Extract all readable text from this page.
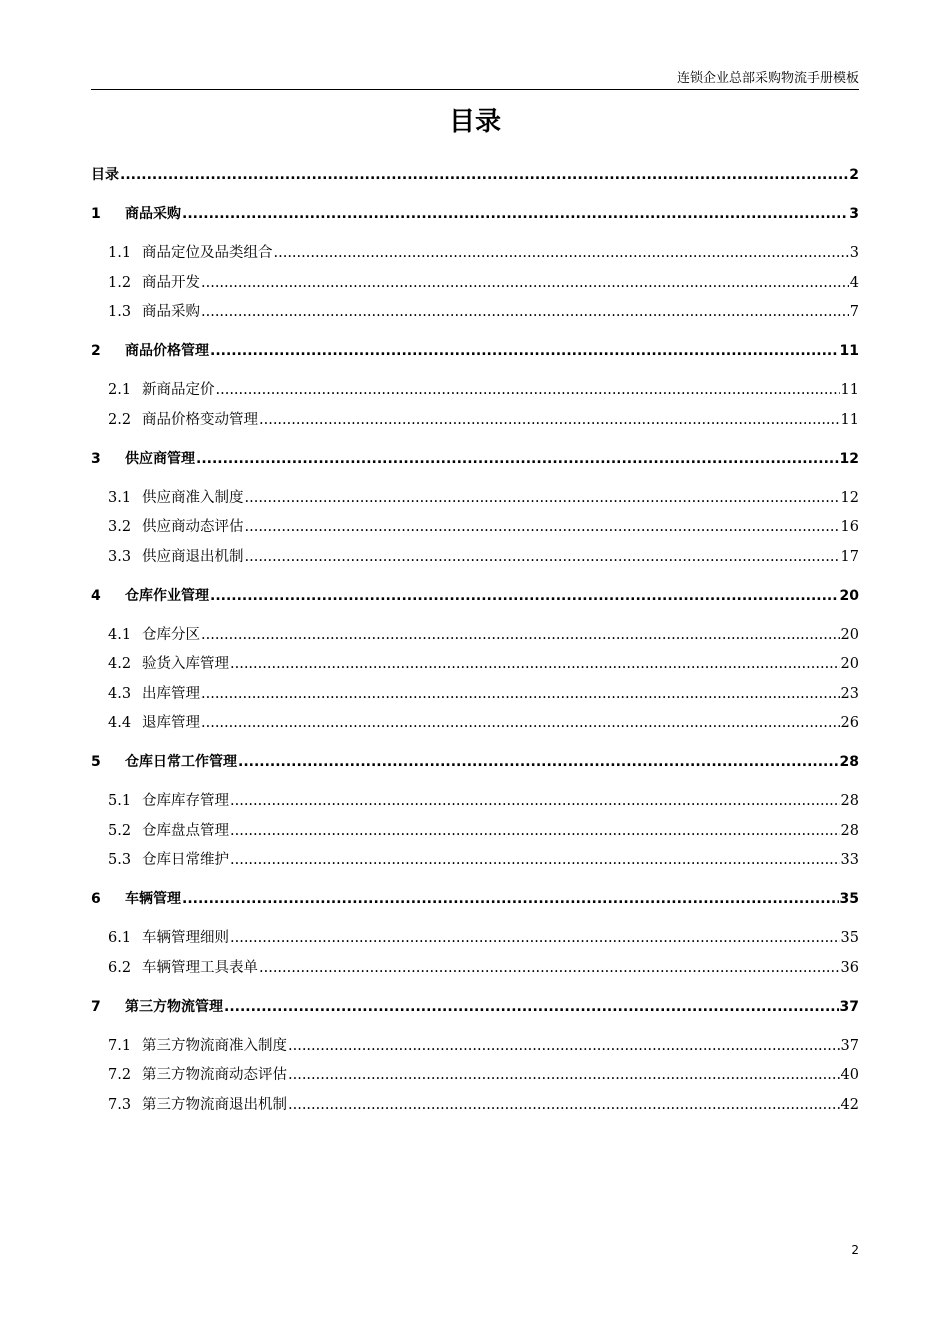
连锁企业总部采购物流手册模板
目录
目录 .....	2
1	商品采购 .....	3
1.1 商品定位及品类组合 .....	3
1.2 商品开发 .....	4
1.3 商品采购 .....	7
2	商品价格管理 .....	11
2.1 新商品定价 .....	11
2.2 商品价格变动管理 .....	11
3	供应商管理 .....	12
3.1 供应商准入制度 .....	12
3.2 供应商动态评估 .....	16
3.3 供应商退出机制 .....	17
4	仓库作业管理 .....	20
4.1 仓库分区 .....	20
4.2 验货入库管理 .....	20
4.3 出库管理 .....	23
4.4 退库管理 .....	26
5	仓库日常工作管理 .....	28
5.1 仓库库存管理 .....	28
5.2 仓库盘点管理 .....	28
5.3 仓库日常维护 .....	33
6	车辆管理 .....	35
6.1 车辆管理细则 .....	35
6.2 车辆管理工具表单 .....	36
7	第三方物流管理 .....	37
7.1 第三方物流商准入制度 .....	37
7.2 第三方物流商动态评估 .....	40
7.3 第三方物流商退出机制 .....	42
2
